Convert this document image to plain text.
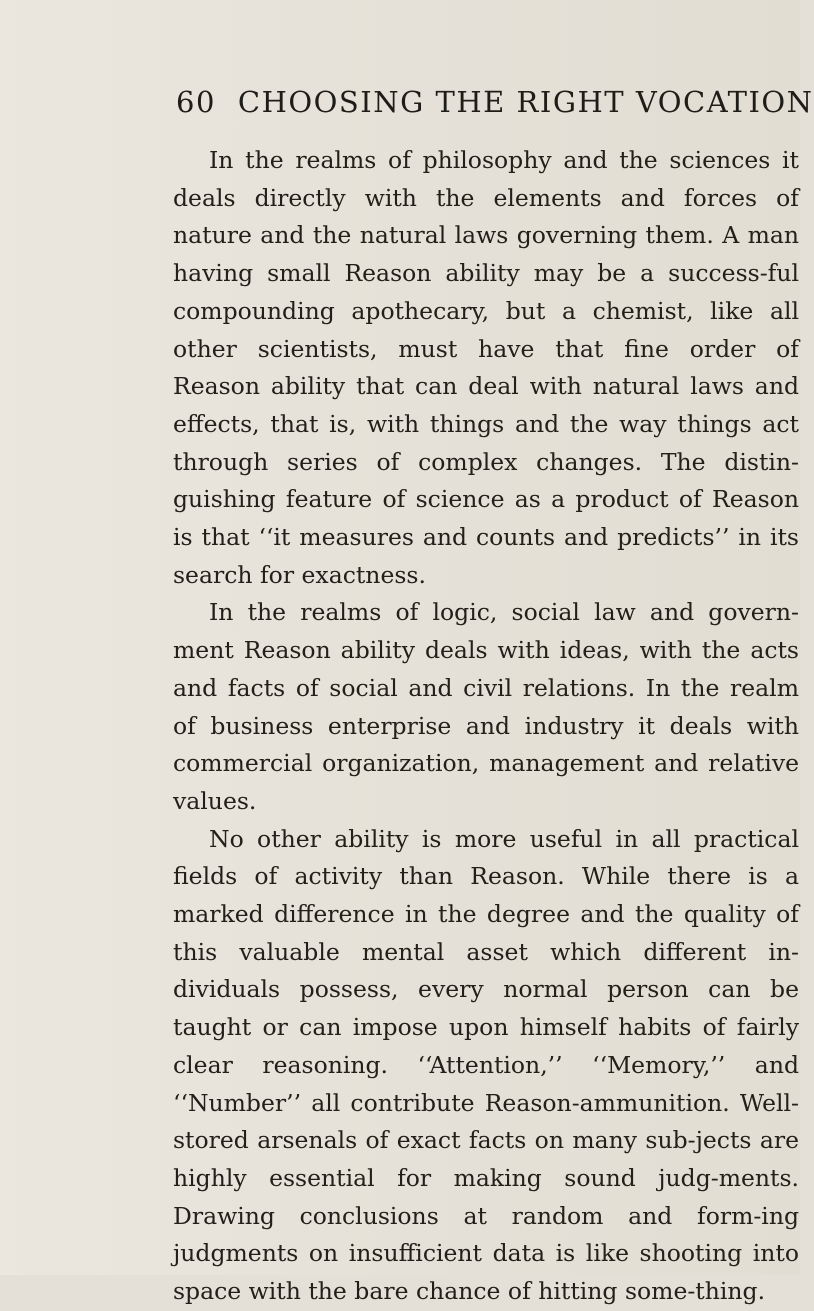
60 CHOOSING THE RIGHT VOCATION

In the realms of philosophy and the sciences it deals directly with the elements and forces of nature and the natural laws governing them. A man having small Reason ability may be a success-ful compounding apothecary, but a chemist, like all other scientists, must have that fine order of Reason ability that can deal with natural laws and effects, that is, with things and the way things act through series of complex changes. The distin-guishing feature of science as a product of Reason is that ‘‘it measures and counts and predicts’’ in its search for exactness.

In the realms of logic, social law and govern-ment Reason ability deals with ideas, with the acts and facts of social and civil relations. In the realm of business enterprise and industry it deals with commercial organization, management and relative values.

No other ability is more useful in all practical fields of activity than Reason. While there is a marked difference in the degree and the quality of this valuable mental asset which different in-dividuals possess, every normal person can be taught or can impose upon himself habits of fairly clear reasoning. ‘‘Attention,’’ ‘‘Memory,’’ and ‘‘Number’’ all contribute Reason-ammunition. Well-stored arsenals of exact facts on many sub-jects are highly essential for making sound judg-ments. Drawing conclusions at random and form-ing judgments on insufficient data is like shooting into space with the bare chance of hitting some-thing.
